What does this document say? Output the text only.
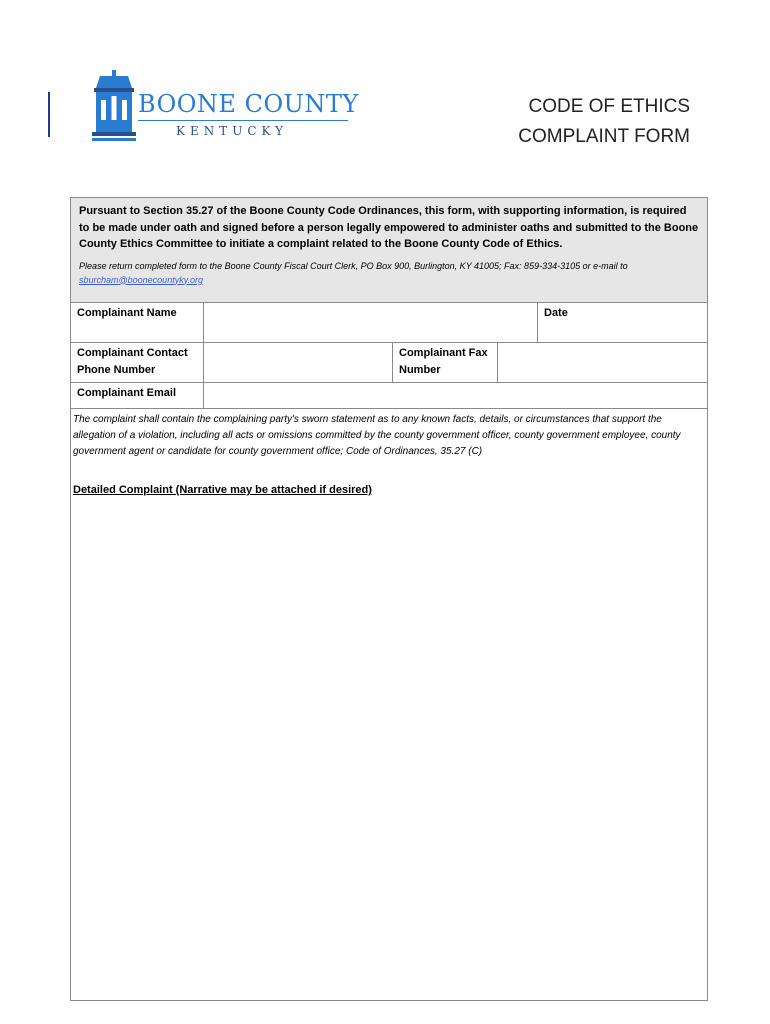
BOONE COUNTY
KENTUCKY
CODE OF ETHICS
COMPLAINT FORM
Pursuant to Section 35.27 of the Boone County Code Ordinances, this form, with supporting information, is required to be made under oath and signed before a person legally empowered to administer oaths and submitted to the Boone County Ethics Committee to initiate a complaint related to the Boone County Code of Ethics.
Please return completed form to the Boone County Fiscal Court Clerk, PO Box 900, Burlington, KY 41005; Fax: 859-334-3105 or e-mail to sburcham@boonecountyky.org
Complainant Name	Date
Complainant Contact
Phone Number
Complainant Fax
Number
Complainant Email
The complaint shall contain the complaining party's sworn statement as to any known facts, details, or circumstances that support the allegation of a violation, including all acts or omissions committed by the county government officer, county government employee, county government agent or candidate for county government office; Code of Ordinances, 35.27 (C)
Detailed Complaint (Narrative may be attached if desired)
